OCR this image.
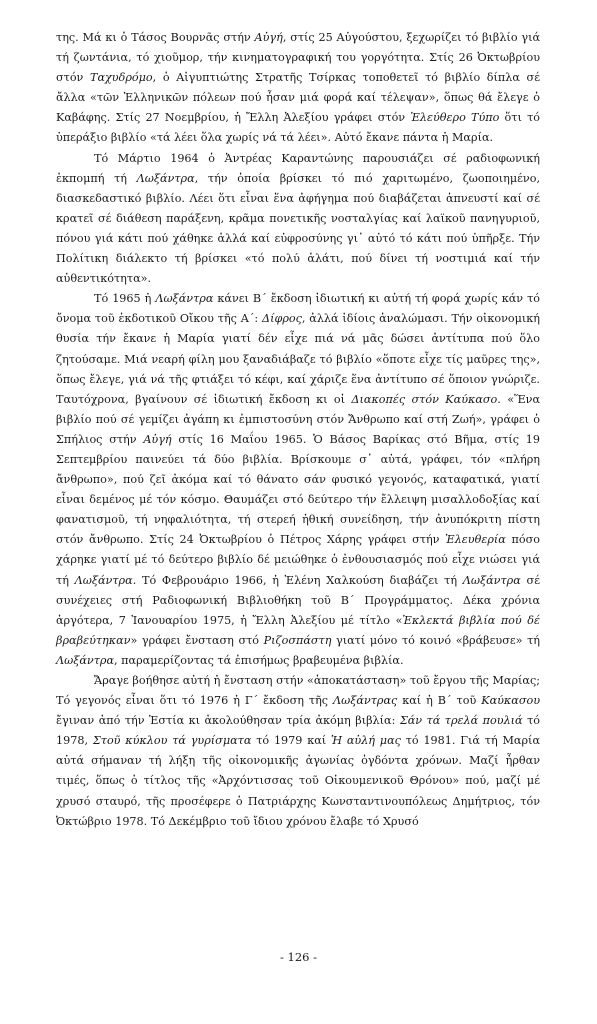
της. Μά κι ὁ Τάσος Βουρνᾶς στήν Αὐγή, στίς 25 Αὐγούστου, ξεχωρίζει τό βιβλίο γιά τή ζωντάνια, τό χιοῦμορ, τήν κινηματογραφική του γοργότητα. Στίς 26 Ὀκτωβρίου στόν Ταχυδρόμο, ὁ Αἰγυπτιώτης Στρατῆς Τσίρκας τοποθετεῖ τό βιβλίο δίπλα σέ ἄλλα «τῶν Ἑλληνικῶν πόλεων πού ἦσαν μιά φορά καί τέλεψαν», ὅπως θά ἔλεγε ὁ Καβάφης. Στίς 27 Νοεμβρίου, ἡ Ἔλλη Ἀλεξίου γράφει στόν Ἐλεύθερο Τύπο ὅτι τό ὑπεράξιο βιβλίο «τά λέει ὅλα χωρίς νά τά λέει». Αὐτό ἔκανε πάντα ἡ Μαρία.

Τό Μάρτιο 1964 ὁ Ἀντρέας Καραντώνης παρουσιάζει σέ ραδιοφωνική ἐκπομπή τή Λωξάντρα, τήν ὁποία βρίσκει τό πιό χαριτωμένο, ζωοποιημένο, διασκεδαστικό βιβλίο. Λέει ὅτι εἶναι ἕνα ἀφήγημα πού διαβάζεται ἀπνευστί καί σέ κρατεῖ σέ διάθεση παράξενη, κρᾶμα πονετικῆς νοσταλγίας καί λαϊκοῦ πανηγυριοῦ, πόνου γιά κάτι πού χάθηκε ἀλλά καί εὐφροσύνης γι᾽ αὐτό τό κάτι πού ὑπῆρξε. Τήν Πολίτικη διάλεκτο τή βρίσκει «τό πολύ ἁλάτι, πού δίνει τή νοστιμιά καί τήν αὐθεντικότητα».

Τό 1965 ἡ Λωξάντρα κάνει Β´ ἔκδοση ἰδιωτική κι αὐτή τή φορά χωρίς κάν τό ὄνομα τοῦ ἐκδοτικοῦ Οἴκου τῆς Α´: Δίφρος, ἀλλά ἰδίοις ἀναλώμασι. Τήν οἰκονομική θυσία τήν ἔκανε ἡ Μαρία γιατί δέν εἶχε πιά νά μᾶς δώσει ἀντίτυπα πού ὅλο ζητούσαμε. Μιά νεαρή φίλη μου ξαναδιάβαζε τό βιβλίο «ὅποτε εἶχε τίς μαῦρες της», ὅπως ἔλεγε, γιά νά τῆς φτιάξει τό κέφι, καί χάριζε ἕνα ἀντίτυπο σέ ὅποιον γνώριζε. Ταυτόχρονα, βγαίνουν σέ ἰδιωτική ἔκδοση κι οἱ Διακοπές στόν Καύκασο. «Ἕνα βιβλίο πού σέ γεμίζει ἀγάπη κι ἐμπιστοσύνη στόν Ἄνθρωπο καί στή Ζωή», γράφει ὁ Σπήλιος στήν Αὐγή στίς 16 Μαΐου 1965. Ὁ Βάσος Βαρίκας στό Βῆμα, στίς 19 Σεπτεμβρίου παινεύει τά δύο βιβλία. Βρίσκουμε σ᾽ αὐτά, γράφει, τόν «πλήρη ἄνθρωπο», πού ζεῖ ἀκόμα καί τό θάνατο σάν φυσικό γεγονός, καταφατικά, γιατί εἶναι δεμένος μέ τόν κόσμο. Θαυμάζει στό δεύτερο τήν ἔλλειψη μισαλλοδοξίας καί φανατισμοῦ, τή νηφαλιότητα, τή στερεή ἠθική συνείδηση, τήν ἀνυπόκριτη πίστη στόν ἄνθρωπο. Στίς 24 Ὀκτωβρίου ὁ Πέτρος Χάρης γράφει στήν Ἐλευθερία πόσο χάρηκε γιατί μέ τό δεύτερο βιβλίο δέ μειώθηκε ὁ ἐνθουσιασμός πού εἶχε νιώσει γιά τή Λωξάντρα. Τό Φεβρουάριο 1966, ἡ Ἑλένη Χαλκούση διαβάζει τή Λωξάντρα σέ συνέχειες στή Ραδιοφωνική Βιβλιοθήκη τοῦ Β´ Προγράμματος. Δέκα χρόνια ἀργότερα, 7 Ἰανουαρίου 1975, ἡ Ἔλλη Ἀλεξίου μέ τίτλο «Ἐκλεκτά βιβλία πού δέ βραβεύτηκαν» γράφει ἔνσταση στό Ριζοσπάστη γιατί μόνο τό κοινό «βράβευσε» τή Λωξάντρα, παραμερίζοντας τά ἐπισήμως βραβευμένα βιβλία.

Ἄραγε βοήθησε αὐτή ἡ ἔνσταση στήν «ἀποκατάσταση» τοῦ ἔργου τῆς Μαρίας; Τό γεγονός εἶναι ὅτι τό 1976 ἡ Γ´ ἔκδοση τῆς Λωξάντρας καί ἡ Β´ τοῦ Καύκασου ἔγιναν ἀπό τήν Ἑστία κι ἀκολούθησαν τρία ἀκόμη βιβλία: Σάν τά τρελά πουλιά τό 1978, Στοῦ κύκλου τά γυρίσματα τό 1979 καί Ἡ αὐλή μας τό 1981. Γιά τή Μαρία αὐτά σήμαναν τή λήξη τῆς οἰκονομικῆς ἀγωνίας ὀγδόντα χρόνων. Μαζί ἦρθαν τιμές, ὅπως ὁ τίτλος τῆς «Ἀρχόντισσας τοῦ Οἰκουμενικοῦ Θρόνου» πού, μαζί μέ χρυσό σταυρό, τῆς προσέφερε ὁ Πατριάρχης Κωνσταντινουπόλεως Δημήτριος, τόν Ὀκτώβριο 1978. Τό Δεκέμβριο τοῦ ἴδιου χρόνου ἔλαβε τό Χρυσό

- 126 -
